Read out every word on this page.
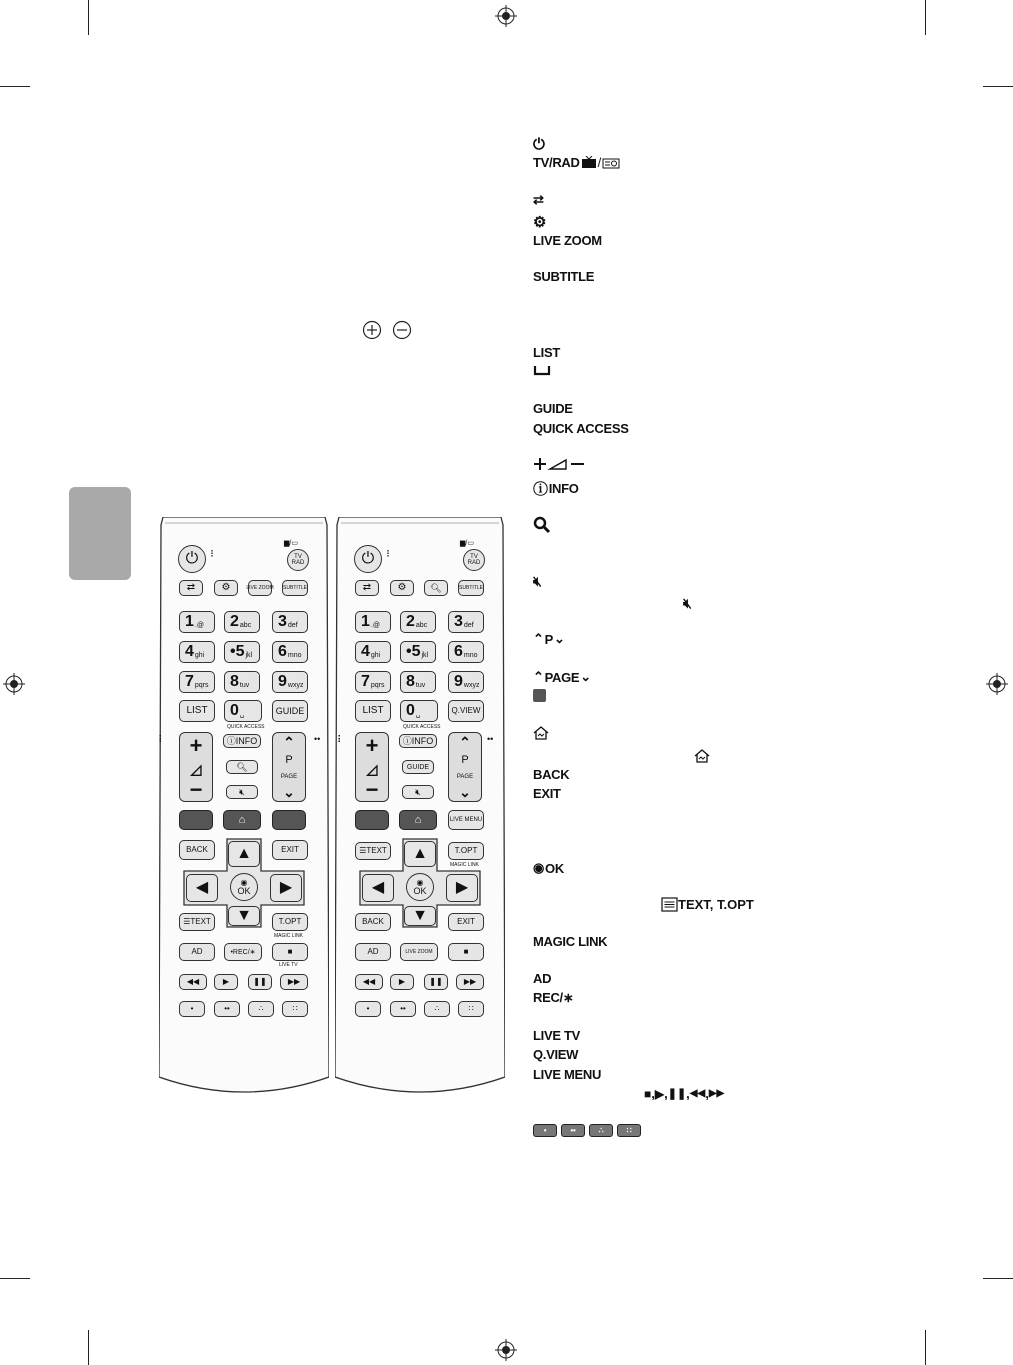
⏻	⠇
▆/▭
TV
RAD
⇄	⚙	LIVE ZOOM SUBTITLE
1 .@ 2 abc 3 def
4 ghi •5 jkl 6 mno
7 pqrs 8 tuv 9 wxyz
LIST	0 ␣	GUIDE
QUICK ACCESS
+
◿
−
ⓘINFO
🔍︎
🔇︎
⌃
P
PAGE
⌄
⌂
BACK	EXIT
▲
◀	◉
OK	▶
▼
☰TEXT	T.OPT
MAGIC LINK
AD	•REC/∗	■
LIVE TV
◀◀	▶	❚❚	▶▶
•	••	∴	∷
⠇	••
⏻	⠇
▆/▭
TV
RAD
⇄	⚙	🔍︎	SUBTITLE
1 .@ 2 abc 3 def
4 ghi •5 jkl 6 mno
7 pqrs 8 tuv 9 wxyz
LIST	0 ␣	Q.VIEW
QUICK ACCESS
+
◿
−
ⓘINFO
GUIDE
🔇︎
⌃
P
PAGE
⌄
⌂	LIVE MENU
☰TEXT	T.OPT
MAGIC LINK
▲
◀	◉
OK	▶
▼
BACK	EXIT
AD	LIVE ZOOM	■
◀◀	▶	❚❚	▶▶
•	••	∴	∷
⠇	••
⏻
TV/RAD /
⇄
⚙
LIVE ZOOM
SUBTITLE
LIST
GUIDE
QUICK ACCESS
ⓘ INFO
🔇︎
🔇︎
⌃ P ⌄
⌃ PAGE ⌄
BACK
EXIT
◉ OK
TEXT, T.OPT
MAGIC LINK
AD
REC/∗
LIVE TV
Q.VIEW
LIVE MENU
■ , ▶ , ❚❚ , ◀◀ , ▶▶
•	••	∴	∷
